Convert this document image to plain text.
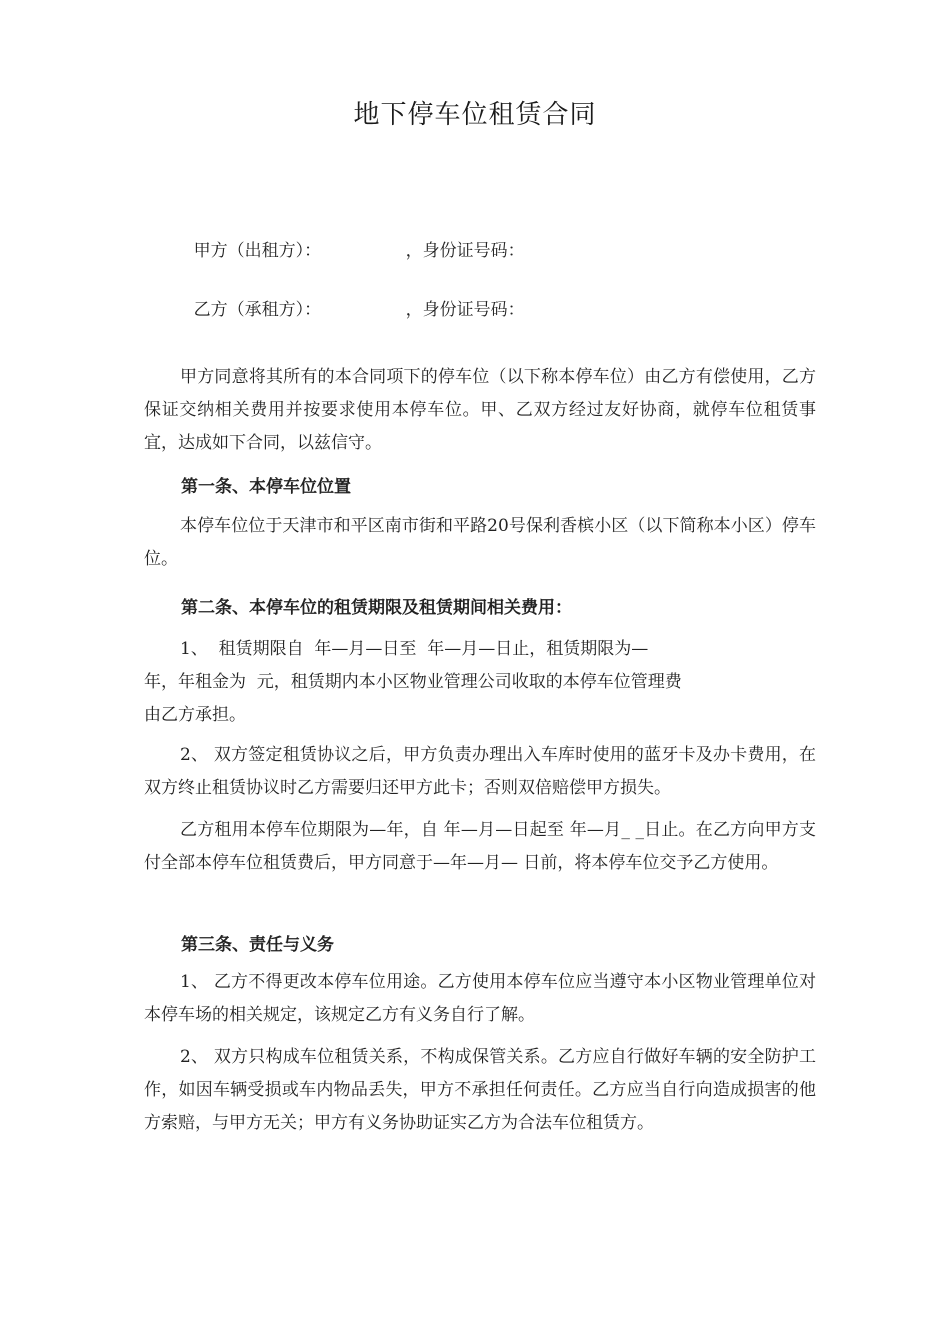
地下停车位租赁合同

甲方（出租方）：	，身份证号码：

乙方（承租方）：	，身份证号码：

甲方同意将其所有的本合同项下的停车位（以下称本停车位）由乙方有偿使用，乙方保证交纳相关费用并按要求使用本停车位。甲、乙双方经过友好协商，就停车位租赁事宜，达成如下合同，以兹信守。

第一条、本停车位位置

本停车位位于天津市和平区南市街和平路20号保利香槟小区（以下简称本小区）停车位。

第二条、本停车位的租赁期限及租赁期间相关费用：

1、  租赁期限自  年—月—日至  年—月—日止，租赁期限为—

年，年租金为  元，租赁期内本小区物业管理公司收取的本停车位管理费

由乙方承担。

2、 双方签定租赁协议之后，甲方负责办理出入车库时使用的蓝牙卡及办卡费用，在双方终止租赁协议时乙方需要归还甲方此卡；否则双倍赔偿甲方损失。

乙方租用本停车位期限为—年，自 年—月—日起至 年—月_ _日止。在乙方向甲方支付全部本停车位租赁费后，甲方同意于—年—月— 日前，将本停车位交予乙方使用。

第三条、责任与义务

1、 乙方不得更改本停车位用途。乙方使用本停车位应当遵守本小区物业管理单位对本停车场的相关规定，该规定乙方有义务自行了解。

2、 双方只构成车位租赁关系，不构成保管关系。乙方应自行做好车辆的安全防护工作，如因车辆受损或车内物品丢失，甲方不承担任何责任。乙方应当自行向造成损害的他方索赔，与甲方无关；甲方有义务协助证实乙方为合法车位租赁方。
